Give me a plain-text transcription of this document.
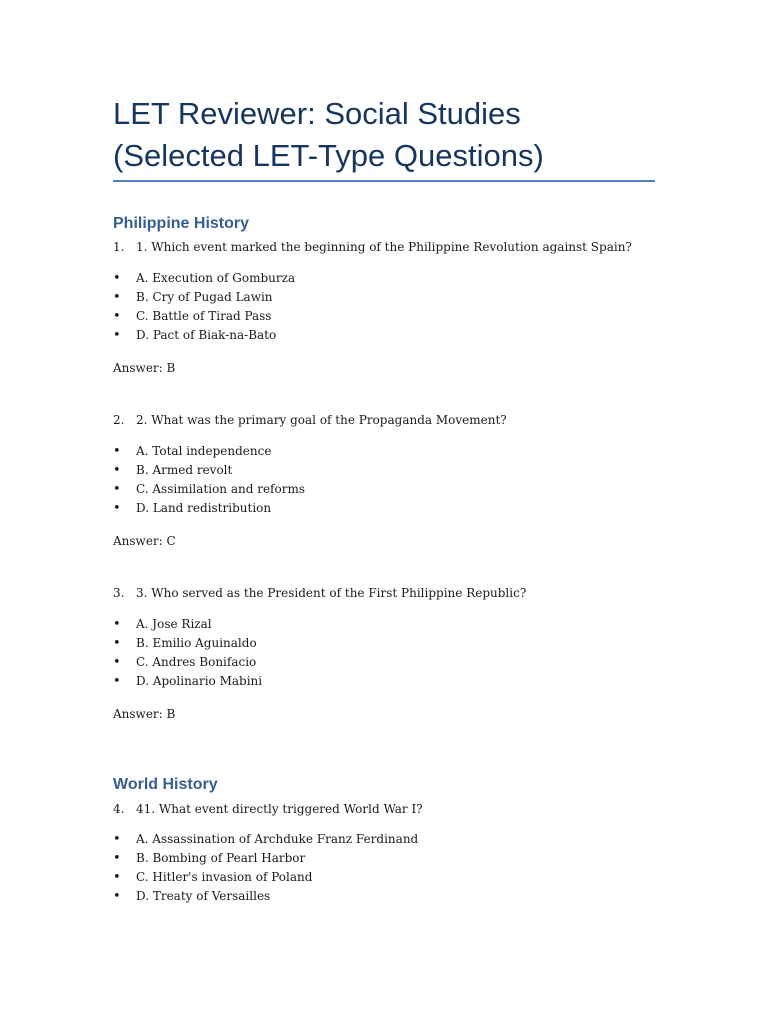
LET Reviewer: Social Studies (Selected LET-Type Questions)
Philippine History
1. 1. Which event marked the beginning of the Philippine Revolution against Spain?
• A. Execution of Gomburza
• B. Cry of Pugad Lawin
• C. Battle of Tirad Pass
• D. Pact of Biak-na-Bato
Answer: B
2. 2. What was the primary goal of the Propaganda Movement?
• A. Total independence
• B. Armed revolt
• C. Assimilation and reforms
• D. Land redistribution
Answer: C
3. 3. Who served as the President of the First Philippine Republic?
• A. Jose Rizal
• B. Emilio Aguinaldo
• C. Andres Bonifacio
• D. Apolinario Mabini
Answer: B
World History
4. 41. What event directly triggered World War I?
• A. Assassination of Archduke Franz Ferdinand
• B. Bombing of Pearl Harbor
• C. Hitler's invasion of Poland
• D. Treaty of Versailles
